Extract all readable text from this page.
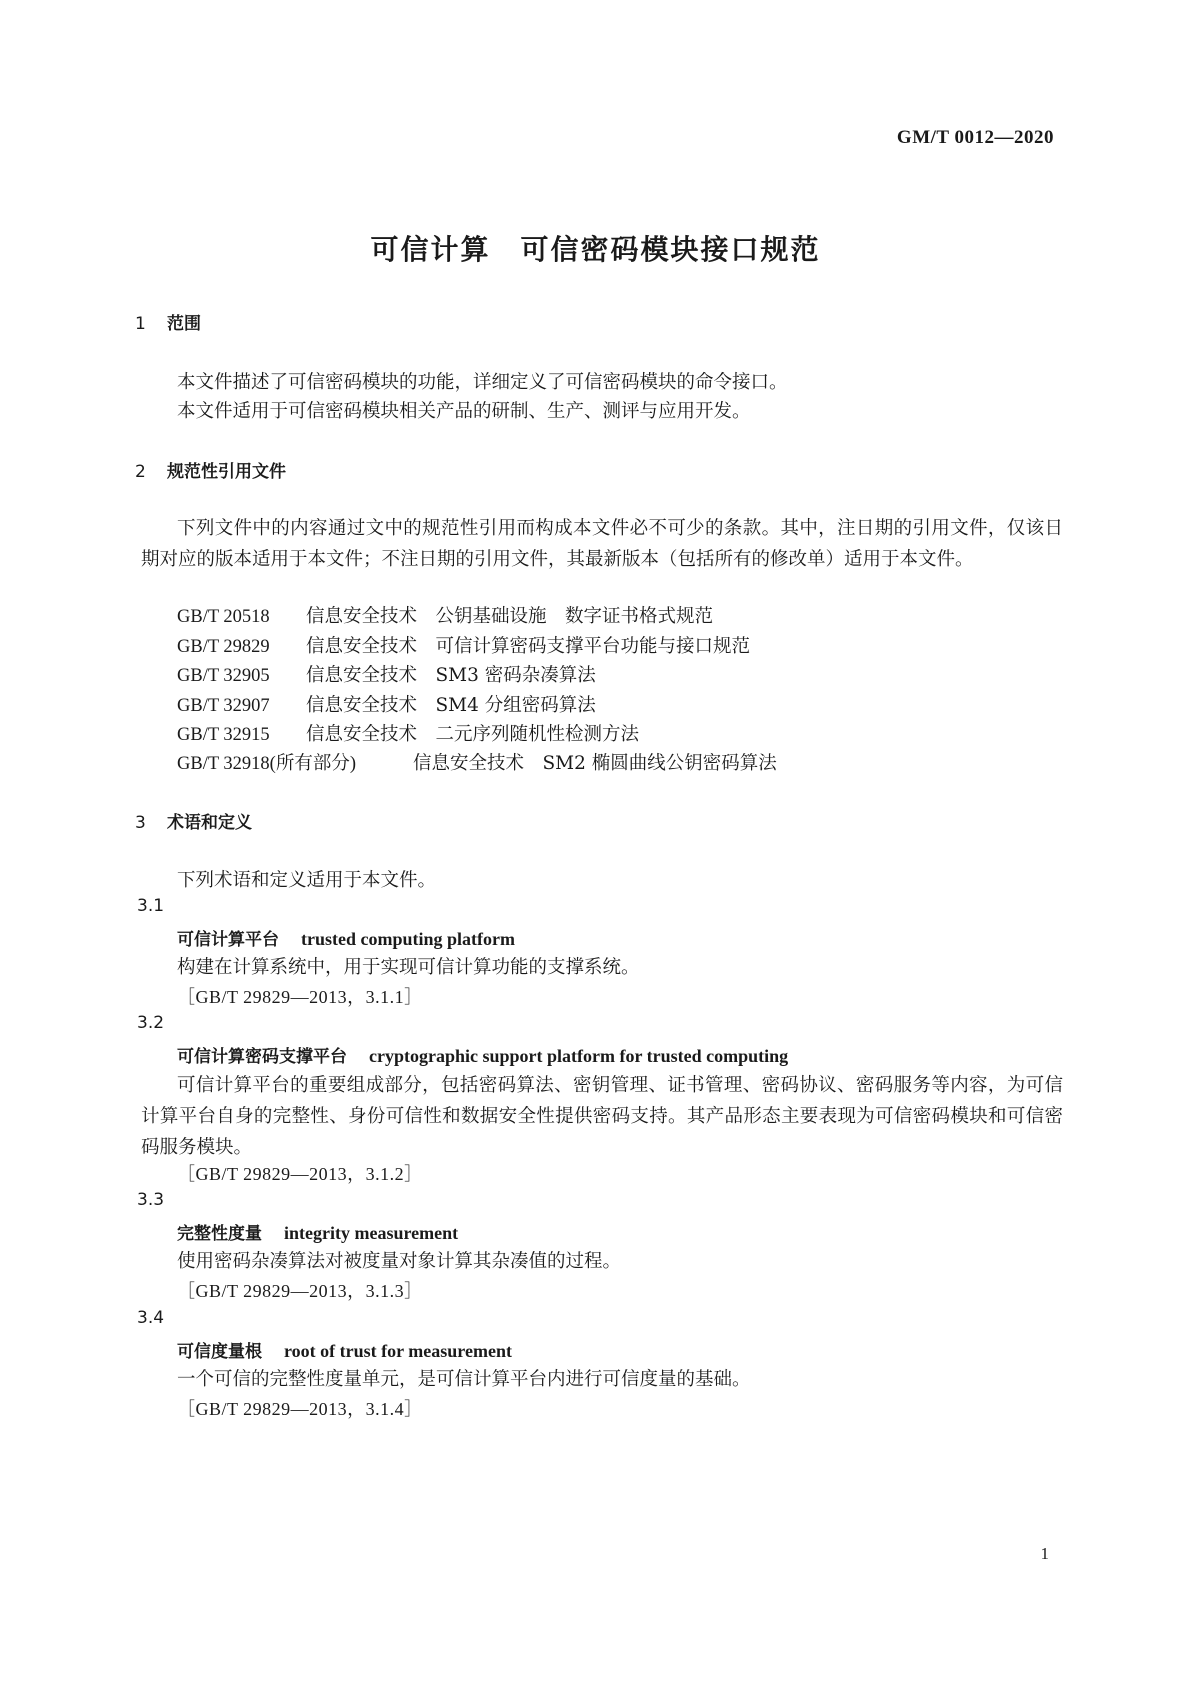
GM/T 0012—2020
可信计算　可信密码模块接口规范
1 范围
本文件描述了可信密码模块的功能，详细定义了可信密码模块的命令接口。
本文件适用于可信密码模块相关产品的研制、生产、测评与应用开发。
2 规范性引用文件
下列文件中的内容通过文中的规范性引用而构成本文件必不可少的条款。其中，注日期的引用文件，仅该日期对应的版本适用于本文件；不注日期的引用文件，其最新版本（包括所有的修改单）适用于本文件。
GB/T 20518 信息安全技术　公钥基础设施　数字证书格式规范
GB/T 29829 信息安全技术　可信计算密码支撑平台功能与接口规范
GB/T 32905 信息安全技术　SM3 密码杂凑算法
GB/T 32907 信息安全技术　SM4 分组密码算法
GB/T 32915 信息安全技术　二元序列随机性检测方法
GB/T 32918(所有部分)	信息安全技术　SM2 椭圆曲线公钥密码算法
3 术语和定义
下列术语和定义适用于本文件。
3.1
可信计算平台 trusted computing platform
构建在计算系统中，用于实现可信计算功能的支撑系统。
［GB/T 29829—2013，3.1.1］
3.2
可信计算密码支撑平台 cryptographic support platform for trusted computing
可信计算平台的重要组成部分，包括密码算法、密钥管理、证书管理、密码协议、密码服务等内容，为可信计算平台自身的完整性、身份可信性和数据安全性提供密码支持。其产品形态主要表现为可信密码模块和可信密码服务模块。
［GB/T 29829—2013，3.1.2］
3.3
完整性度量 integrity measurement
使用密码杂凑算法对被度量对象计算其杂凑值的过程。
［GB/T 29829—2013，3.1.3］
3.4
可信度量根 root of trust for measurement
一个可信的完整性度量单元，是可信计算平台内进行可信度量的基础。
［GB/T 29829—2013，3.1.4］
1
